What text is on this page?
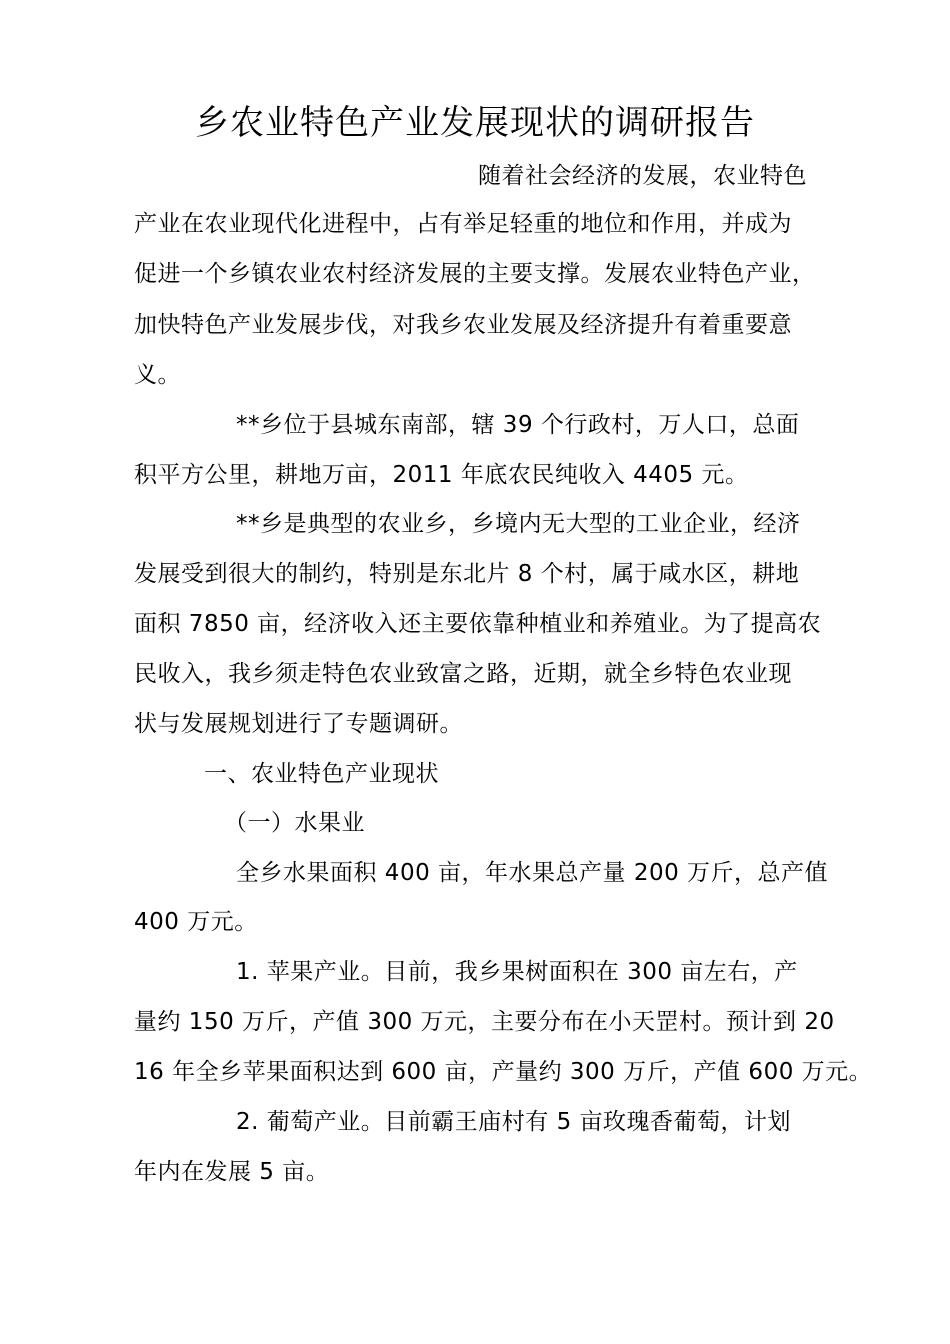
乡农业特色产业发展现状的调研报告
随着社会经济的发展，农业特色
产业在农业现代化进程中，占有举足轻重的地位和作用，并成为
促进一个乡镇农业农村经济发展的主要支撑。发展农业特色产业，
加快特色产业发展步伐，对我乡农业发展及经济提升有着重要意
义。
**乡位于县城东南部，辖 39 个行政村，万人口，总面
积平方公里，耕地万亩，2011 年底农民纯收入 4405 元。
**乡是典型的农业乡，乡境内无大型的工业企业，经济
发展受到很大的制约，特别是东北片 8 个村，属于咸水区，耕地
面积 7850 亩，经济收入还主要依靠种植业和养殖业。为了提高农
民收入，我乡须走特色农业致富之路，近期，就全乡特色农业现
状与发展规划进行了专题调研。
一、农业特色产业现状
（一）水果业
全乡水果面积 400 亩，年水果总产量 200 万斤，总产值
400 万元。
1. 苹果产业。目前，我乡果树面积在 300 亩左右，产
量约 150 万斤，产值 300 万元，主要分布在小天罡村。预计到 20
16 年全乡苹果面积达到 600 亩，产量约 300 万斤，产值 600 万元。
2. 葡萄产业。目前霸王庙村有 5 亩玫瑰香葡萄，计划
年内在发展 5 亩。
